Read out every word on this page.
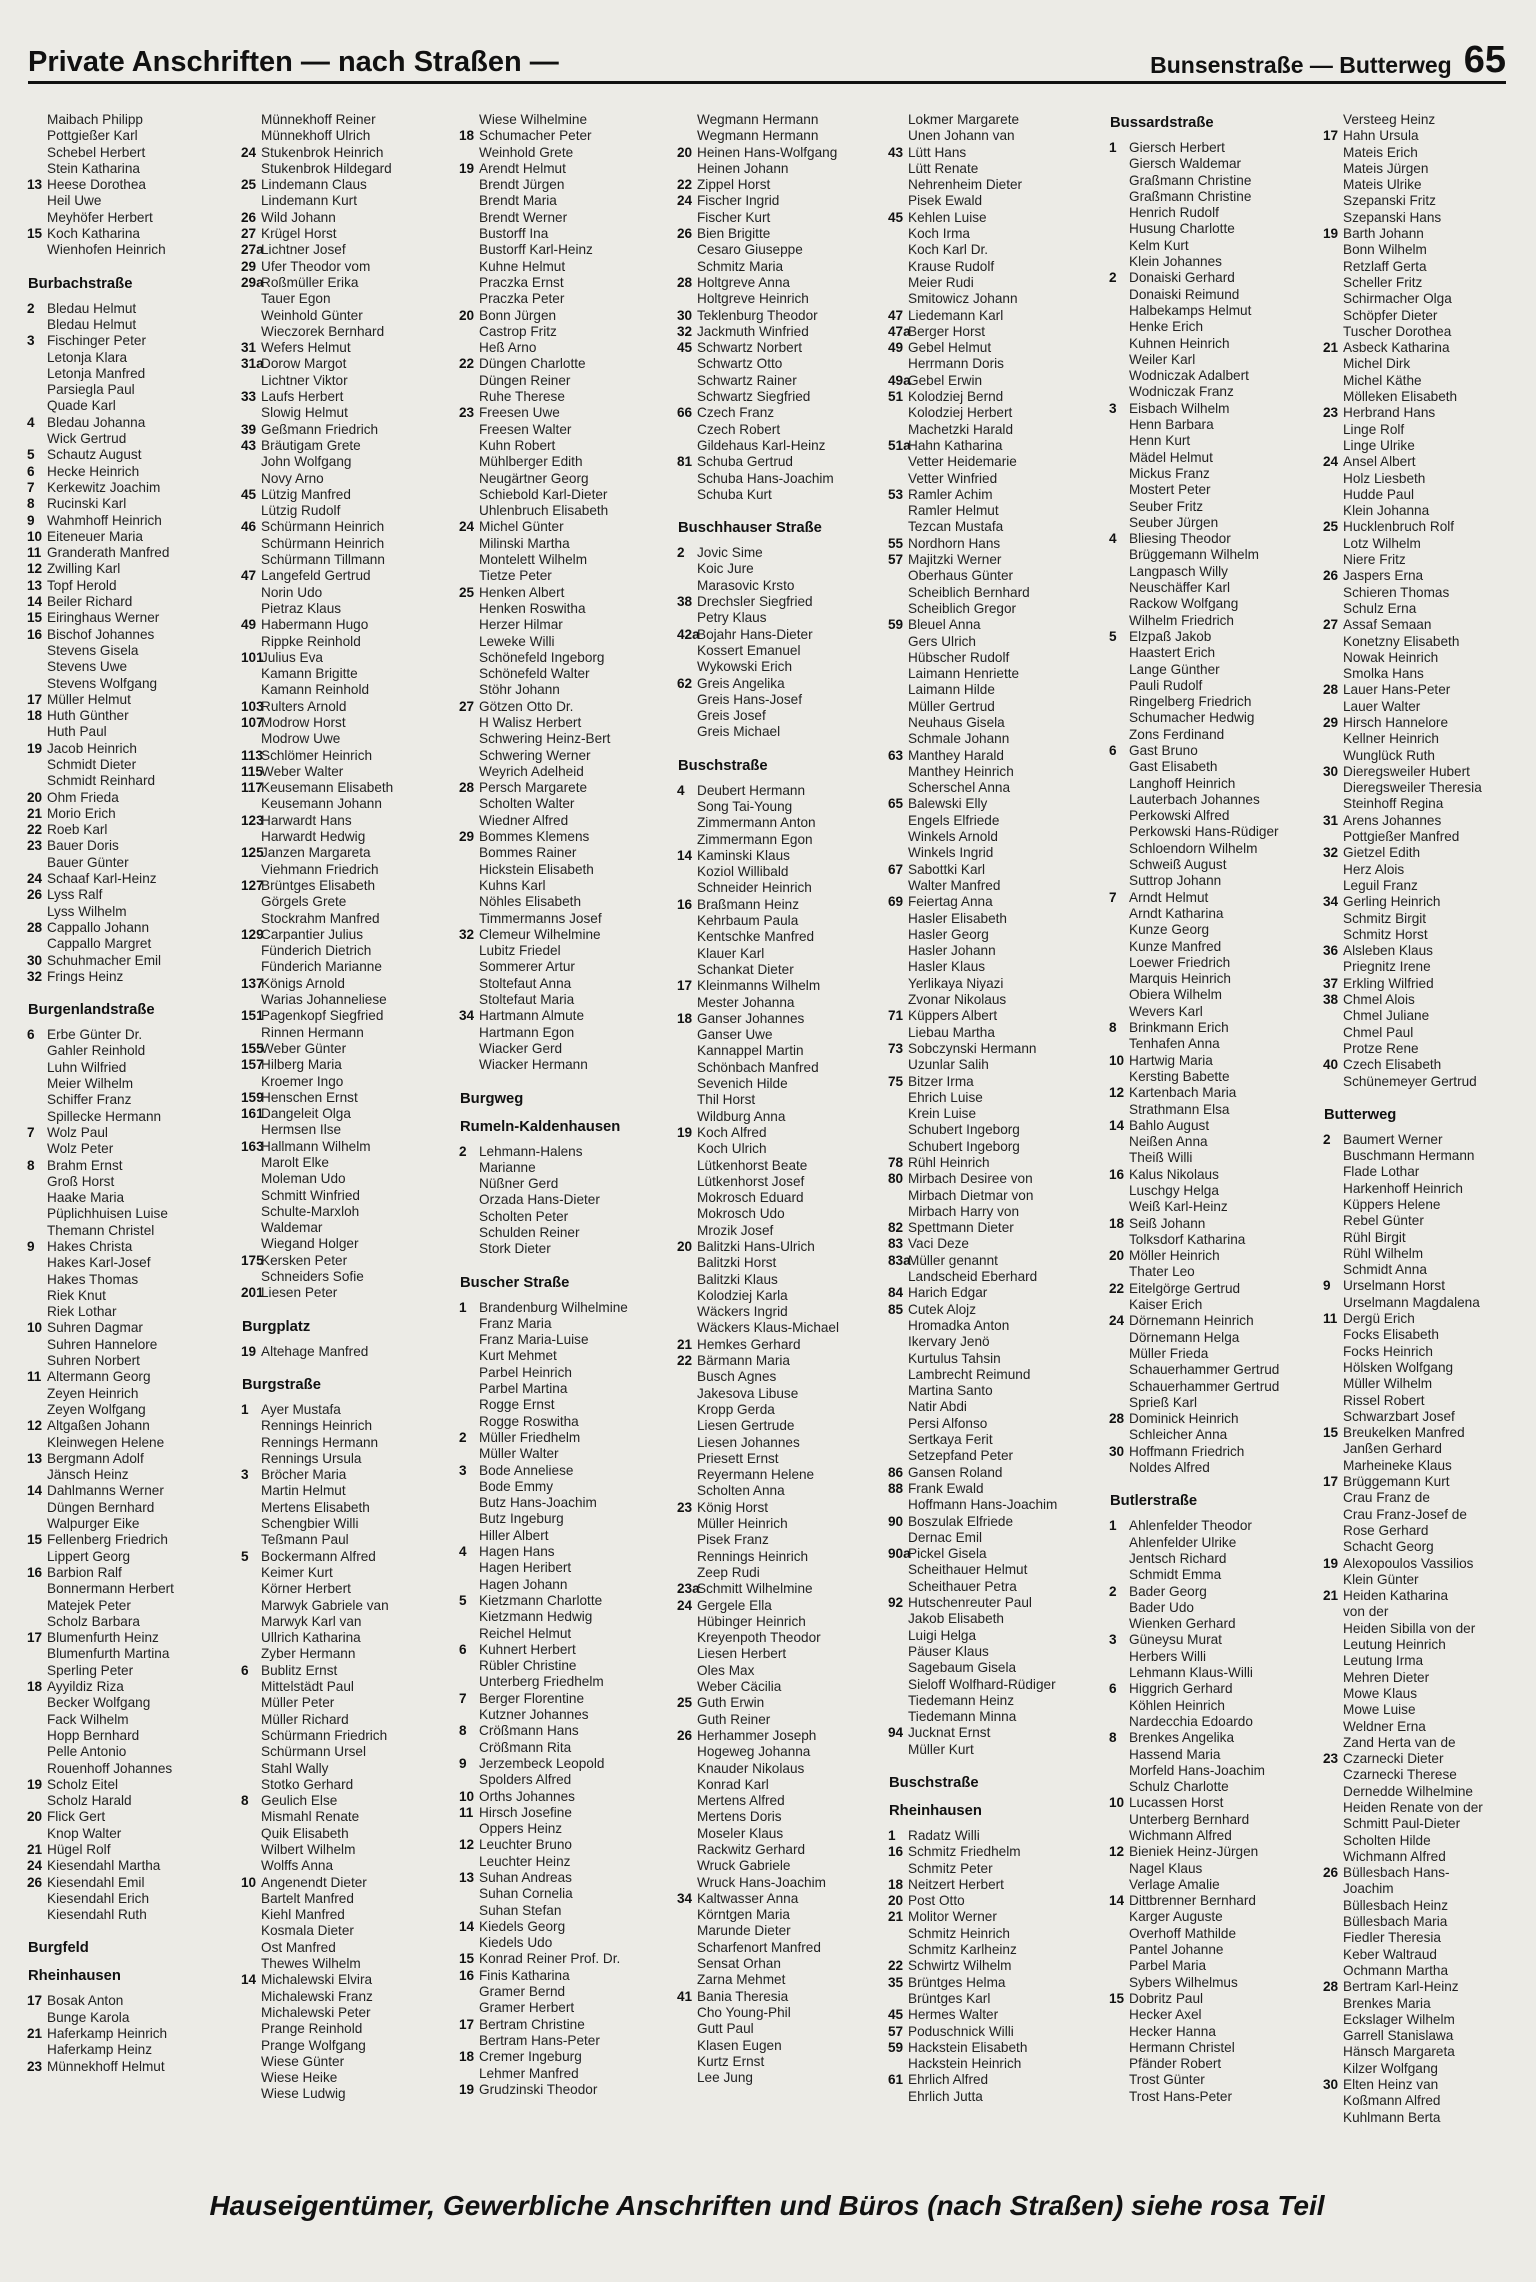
Private Anschriften — nach Straßen —	Bunsenstraße — Butterweg 65
Maibach Philipp
Pottgießer Karl
Schebel Herbert
Stein Katharina
13 Heese Dorothea
Heil Uwe
Meyhöfer Herbert
15 Koch Katharina
Wienhofen Heinrich
Burbachstraße
2 Bledau Helmut
Bledau Helmut
3 Fischinger Peter
Letonja Klara
Letonja Manfred
Parsiegla Paul
Quade Karl
4 Bledau Johanna
Wick Gertrud
5 Schautz August
6 Hecke Heinrich
7 Kerkewitz Joachim
8 Rucinski Karl
9 Wahmhoff Heinrich
10 Eiteneuer Maria
11 Granderath Manfred
12 Zwilling Karl
13 Topf Herold
14 Beiler Richard
15 Eiringhaus Werner
16 Bischof Johannes
Stevens Gisela
Stevens Uwe
Stevens Wolfgang
17 Müller Helmut
18 Huth Günther
Huth Paul
19 Jacob Heinrich
Schmidt Dieter
Schmidt Reinhard
20 Ohm Frieda
21 Morio Erich
22 Roeb Karl
23 Bauer Doris
Bauer Günter
24 Schaaf Karl-Heinz
26 Lyss Ralf
Lyss Wilhelm
28 Cappallo Johann
Cappallo Margret
30 Schuhmacher Emil
32 Frings Heinz
Burgenlandstraße
6 Erbe Günter Dr.
Gahler Reinhold
Luhn Wilfried
Meier Wilhelm
Schiffer Franz
Spillecke Hermann
7 Wolz Paul
Wolz Peter
8 Brahm Ernst
Groß Horst
Haake Maria
Püplichhuisen Luise
Themann Christel
9 Hakes Christa
Hakes Karl-Josef
Hakes Thomas
Riek Knut
Riek Lothar
10 Suhren Dagmar
Suhren Hannelore
Suhren Norbert
11 Altermann Georg
Zeyen Heinrich
Zeyen Wolfgang
12 Altgaßen Johann
Kleinwegen Helene
13 Bergmann Adolf
Jänsch Heinz
14 Dahlmanns Werner
Düngen Bernhard
Walpurger Eike
15 Fellenberg Friedrich
Lippert Georg
16 Barbion Ralf
Bonnermann Herbert
Matejek Peter
Scholz Barbara
17 Blumenfurth Heinz
Blumenfurth Martina
Sperling Peter
18 Ayyildiz Riza
Becker Wolfgang
Fack Wilhelm
Hopp Bernhard
Pelle Antonio
Rouenhoff Johannes
19 Scholz Eitel
Scholz Harald
20 Flick Gert
Knop Walter
21 Hügel Rolf
24 Kiesendahl Martha
26 Kiesendahl Emil
Kiesendahl Erich
Kiesendahl Ruth
Burgfeld
Rheinhausen
17 Bosak Anton
Bunge Karola
21 Haferkamp Heinrich
Haferkamp Heinz
23 Münnekhoff Helmut
Münnekhoff Reiner
Münnekhoff Ulrich
24 Stukenbrok Heinrich
Stukenbrok Hildegard
25 Lindemann Claus
Lindemann Kurt
26 Wild Johann
27 Krügel Horst
27aLichtner Josef
29 Ufer Theodor vom
29aRoßmüller Erika
Tauer Egon
Weinhold Günter
Wieczorek Bernhard
31 Wefers Helmut
31aDorow Margot
Lichtner Viktor
33 Laufs Herbert
Slowig Helmut
39 Geßmann Friedrich
43 Bräutigam Grete
John Wolfgang
Novy Arno
45 Lützig Manfred
Lützig Rudolf
46 Schürmann Heinrich
Schürmann Heinrich
Schürmann Tillmann
47 Langefeld Gertrud
Norin Udo
Pietraz Klaus
49 Habermann Hugo
Rippke Reinhold
101Julius Eva
Kamann Brigitte
Kamann Reinhold
103Rulters Arnold
107Modrow Horst
Modrow Uwe
113Schlömer Heinrich
115Weber Walter
117Keusemann Elisabeth
Keusemann Johann
123Harwardt Hans
Harwardt Hedwig
125Janzen Margareta
Viehmann Friedrich
127Brüntges Elisabeth
Görgels Grete
Stockrahm Manfred
129Carpantier Julius
Fünderich Dietrich
Fünderich Marianne
137Königs Arnold
Warias Johanneliese
151Pagenkopf Siegfried
Rinnen Hermann
155Weber Günter
157Hilberg Maria
Kroemer Ingo
159Henschen Ernst
161Dangeleit Olga
Hermsen Ilse
163Hallmann Wilhelm
Marolt Elke
Moleman Udo
Schmitt Winfried
Schulte-Marxloh
Waldemar
Wiegand Holger
175Kersken Peter
Schneiders Sofie
201Liesen Peter
Burgplatz
19 Altehage Manfred
Burgstraße
1 Ayer Mustafa
Rennings Heinrich
Rennings Hermann
Rennings Ursula
3 Bröcher Maria
Martin Helmut
Mertens Elisabeth
Schengbier Willi
Teßmann Paul
5 Bockermann Alfred
Keimer Kurt
Körner Herbert
Marwyk Gabriele van
Marwyk Karl van
Ullrich Katharina
Zyber Hermann
6 Bublitz Ernst
Mittelstädt Paul
Müller Peter
Müller Richard
Schürmann Friedrich
Schürmann Ursel
Stahl Wally
Stotko Gerhard
8 Geulich Else
Mismahl Renate
Quik Elisabeth
Wilbert Wilhelm
Wolffs Anna
10 Angenendt Dieter
Bartelt Manfred
Kiehl Manfred
Kosmala Dieter
Ost Manfred
Thewes Wilhelm
14 Michalewski Elvira
Michalewski Franz
Michalewski Peter
Prange Reinhold
Prange Wolfgang
Wiese Günter
Wiese Heike
Wiese Ludwig
Wiese Wilhelmine
18 Schumacher Peter
Weinhold Grete
19 Arendt Helmut
Brendt Jürgen
Brendt Maria
Brendt Werner
Bustorff Ina
Bustorff Karl-Heinz
Kuhne Helmut
Praczka Ernst
Praczka Peter
20 Bonn Jürgen
Castrop Fritz
Heß Arno
22 Düngen Charlotte
Düngen Reiner
Ruhe Therese
23 Freesen Uwe
Freesen Walter
Kuhn Robert
Mühlberger Edith
Neugärtner Georg
Schiebold Karl-Dieter
Uhlenbruch Elisabeth
24 Michel Günter
Milinski Martha
Montelett Wilhelm
Tietze Peter
25 Henken Albert
Henken Roswitha
Herzer Hilmar
Leweke Willi
Schönefeld Ingeborg
Schönefeld Walter
Stöhr Johann
27 Götzen Otto Dr.
H Walisz Herbert
Schwering Heinz-Bert
Schwering Werner
Weyrich Adelheid
28 Persch Margarete
Scholten Walter
Wiedner Alfred
29 Bommes Klemens
Bommes Rainer
Hickstein Elisabeth
Kuhns Karl
Nöhles Elisabeth
Timmermanns Josef
32 Clemeur Wilhelmine
Lubitz Friedel
Sommerer Artur
Stoltefaut Anna
Stoltefaut Maria
34 Hartmann Almute
Hartmann Egon
Wiacker Gerd
Wiacker Hermann
Burgweg
Rumeln-Kaldenhausen
2 Lehmann-Halens
Marianne
Nüßner Gerd
Orzada Hans-Dieter
Scholten Peter
Schulden Reiner
Stork Dieter
Buscher Straße
1 Brandenburg Wilhelmine
Franz Maria
Franz Maria-Luise
Kurt Mehmet
Parbel Heinrich
Parbel Martina
Rogge Ernst
Rogge Roswitha
2 Müller Friedhelm
Müller Walter
3 Bode Anneliese
Bode Emmy
Butz Hans-Joachim
Butz Ingeburg
Hiller Albert
4 Hagen Hans
Hagen Heribert
Hagen Johann
5 Kietzmann Charlotte
Kietzmann Hedwig
Reichel Helmut
6 Kuhnert Herbert
Rübler Christine
Unterberg Friedhelm
7 Berger Florentine
Kutzner Johannes
8 Crößmann Hans
Crößmann Rita
9 Jerzembeck Leopold
Spolders Alfred
10 Orths Johannes
11 Hirsch Josefine
Oppers Heinz
12 Leuchter Bruno
Leuchter Heinz
13 Suhan Andreas
Suhan Cornelia
Suhan Stefan
14 Kiedels Georg
Kiedels Udo
15 Konrad Reiner Prof. Dr.
16 Finis Katharina
Gramer Bernd
Gramer Herbert
17 Bertram Christine
Bertram Hans-Peter
18 Cremer Ingeburg
Lehmer Manfred
19 Grudzinski Theodor
Wegmann Hermann
Wegmann Hermann
20 Heinen Hans-Wolfgang
Heinen Johann
22 Zippel Horst
24 Fischer Ingrid
Fischer Kurt
26 Bien Brigitte
Cesaro Giuseppe
Schmitz Maria
28 Holtgreve Anna
Holtgreve Heinrich
30 Teklenburg Theodor
32 Jackmuth Winfried
45 Schwartz Norbert
Schwartz Otto
Schwartz Rainer
Schwartz Siegfried
66 Czech Franz
Czech Robert
Gildehaus Karl-Heinz
81 Schuba Gertrud
Schuba Hans-Joachim
Schuba Kurt
Buschhauser Straße
2 Jovic Sime
Koic Jure
Marasovic Krsto
38 Drechsler Siegfried
Petry Klaus
42aBojahr Hans-Dieter
Kossert Emanuel
Wykowski Erich
62 Greis Angelika
Greis Hans-Josef
Greis Josef
Greis Michael
Buschstraße
4 Deubert Hermann
Song Tai-Young
Zimmermann Anton
Zimmermann Egon
14 Kaminski Klaus
Koziol Willibald
Schneider Heinrich
16 Braßmann Heinz
Kehrbaum Paula
Kentschke Manfred
Klauer Karl
Schankat Dieter
17 Kleinmanns Wilhelm
Mester Johanna
18 Ganser Johannes
Ganser Uwe
Kannappel Martin
Schönbach Manfred
Sevenich Hilde
Thil Horst
Wildburg Anna
19 Koch Alfred
Koch Ulrich
Lütkenhorst Beate
Lütkenhorst Josef
Mokrosch Eduard
Mokrosch Udo
Mrozik Josef
20 Balitzki Hans-Ulrich
Balitzki Horst
Balitzki Klaus
Kolodziej Karla
Wäckers Ingrid
Wäckers Klaus-Michael
21 Hemkes Gerhard
22 Bärmann Maria
Busch Agnes
Jakesova Libuse
Kropp Gerda
Liesen Gertrude
Liesen Johannes
Priesett Ernst
Reyermann Helene
Scholten Anna
23 König Horst
Müller Heinrich
Pisek Franz
Rennings Heinrich
Zeep Rudi
23aSchmitt Wilhelmine
24 Gergele Ella
Hübinger Heinrich
Kreyenpoth Theodor
Liesen Herbert
Oles Max
Weber Cäcilia
25 Guth Erwin
Guth Reiner
26 Herhammer Joseph
Hogeweg Johanna
Knauder Nikolaus
Konrad Karl
Mertens Alfred
Mertens Doris
Moseler Klaus
Rackwitz Gerhard
Wruck Gabriele
Wruck Hans-Joachim
34 Kaltwasser Anna
Körntgen Maria
Marunde Dieter
Scharfenort Manfred
Sensat Orhan
Zarna Mehmet
41 Bania Theresia
Cho Young-Phil
Gutt Paul
Klasen Eugen
Kurtz Ernst
Lee Jung
Lokmer Margarete
Unen Johann van
43 Lütt Hans
Lütt Renate
Nehrenheim Dieter
Pisek Ewald
45 Kehlen Luise
Koch Irma
Koch Karl Dr.
Krause Rudolf
Meier Rudi
Smitowicz Johann
47 Liedemann Karl
47aBerger Horst
49 Gebel Helmut
Herrmann Doris
49aGebel Erwin
51 Kolodziej Bernd
Kolodziej Herbert
Machetzki Harald
51aHahn Katharina
Vetter Heidemarie
Vetter Winfried
53 Ramler Achim
Ramler Helmut
Tezcan Mustafa
55 Nordhorn Hans
57 Majitzki Werner
Oberhaus Günter
Scheiblich Bernhard
Scheiblich Gregor
59 Bleuel Anna
Gers Ulrich
Hübscher Rudolf
Laimann Henriette
Laimann Hilde
Müller Gertrud
Neuhaus Gisela
Schmale Johann
63 Manthey Harald
Manthey Heinrich
Scherschel Anna
65 Balewski Elly
Engels Elfriede
Winkels Arnold
Winkels Ingrid
67 Sabottki Karl
Walter Manfred
69 Feiertag Anna
Hasler Elisabeth
Hasler Georg
Hasler Johann
Hasler Klaus
Yerlikaya Niyazi
Zvonar Nikolaus
71 Küppers Albert
Liebau Martha
73 Sobczynski Hermann
Uzunlar Salih
75 Bitzer Irma
Ehrich Luise
Krein Luise
Schubert Ingeborg
Schubert Ingeborg
78 Rühl Heinrich
80 Mirbach Desiree von
Mirbach Dietmar von
Mirbach Harry von
82 Spettmann Dieter
83 Vaci Deze
83aMüller genannt
Landscheid Eberhard
84 Harich Edgar
85 Cutek Alojz
Hromadka Anton
Ikervary Jenö
Kurtulus Tahsin
Lambrecht Reimund
Martina Santo
Natir Abdi
Persi Alfonso
Sertkaya Ferit
Setzepfand Peter
86 Gansen Roland
88 Frank Ewald
Hoffmann Hans-Joachim
90 Boszulak Elfriede
Dernac Emil
90aPickel Gisela
Scheithauer Helmut
Scheithauer Petra
92 Hutschenreuter Paul
Jakob Elisabeth
Luigi Helga
Päuser Klaus
Sagebaum Gisela
Sieloff Wolfhard-Rüdiger
Tiedemann Heinz
Tiedemann Minna
94 Jucknat Ernst
Müller Kurt
Buschstraße
Rheinhausen
1 Radatz Willi
16 Schmitz Friedhelm
Schmitz Peter
18 Neitzert Herbert
20 Post Otto
21 Molitor Werner
Schmitz Heinrich
Schmitz Karlheinz
22 Schwirtz Wilhelm
35 Brüntges Helma
Brüntges Karl
45 Hermes Walter
57 Poduschnick Willi
59 Hackstein Elisabeth
Hackstein Heinrich
61 Ehrlich Alfred
Ehrlich Jutta
Bussardstraße
1 Giersch Herbert
Giersch Waldemar
Graßmann Christine
Graßmann Christine
Henrich Rudolf
Husung Charlotte
Kelm Kurt
Klein Johannes
2 Donaiski Gerhard
Donaiski Reimund
Halbekamps Helmut
Henke Erich
Kuhnen Heinrich
Weiler Karl
Wodniczak Adalbert
Wodniczak Franz
3 Eisbach Wilhelm
Henn Barbara
Henn Kurt
Mädel Helmut
Mickus Franz
Mostert Peter
Seuber Fritz
Seuber Jürgen
4 Bliesing Theodor
Brüggemann Wilhelm
Langpasch Willy
Neuschäffer Karl
Rackow Wolfgang
Wilhelm Friedrich
5 Elzpaß Jakob
Haastert Erich
Lange Günther
Pauli Rudolf
Ringelberg Friedrich
Schumacher Hedwig
Zons Ferdinand
6 Gast Bruno
Gast Elisabeth
Langhoff Heinrich
Lauterbach Johannes
Perkowski Alfred
Perkowski Hans-Rüdiger
Schloendorn Wilhelm
Schweiß August
Suttrop Johann
7 Arndt Helmut
Arndt Katharina
Kunze Georg
Kunze Manfred
Loewer Friedrich
Marquis Heinrich
Obiera Wilhelm
Wevers Karl
8 Brinkmann Erich
Tenhafen Anna
10 Hartwig Maria
Kersting Babette
12 Kartenbach Maria
Strathmann Elsa
14 Bahlo August
Neißen Anna
Theiß Willi
16 Kalus Nikolaus
Luschgy Helga
Weiß Karl-Heinz
18 Seiß Johann
Tolksdorf Katharina
20 Möller Heinrich
Thater Leo
22 Eitelgörge Gertrud
Kaiser Erich
24 Dörnemann Heinrich
Dörnemann Helga
Müller Frieda
Schauerhammer Gertrud
Schauerhammer Gertrud
Sprieß Karl
28 Dominick Heinrich
Schleicher Anna
30 Hoffmann Friedrich
Noldes Alfred
Butlerstraße
1 Ahlenfelder Theodor
Ahlenfelder Ulrike
Jentsch Richard
Schmidt Emma
2 Bader Georg
Bader Udo
Wienken Gerhard
3 Güneysu Murat
Herbers Willi
Lehmann Klaus-Willi
6 Higgrich Gerhard
Köhlen Heinrich
Nardecchia Edoardo
8 Brenkes Angelika
Hassend Maria
Morfeld Hans-Joachim
Schulz Charlotte
10 Lucassen Horst
Unterberg Bernhard
Wichmann Alfred
12 Bieniek Heinz-Jürgen
Nagel Klaus
Verlage Amalie
14 Dittbrenner Bernhard
Karger Auguste
Overhoff Mathilde
Pantel Johanne
Parbel Maria
Sybers Wilhelmus
15 Dobritz Paul
Hecker Axel
Hecker Hanna
Hermann Christel
Pfänder Robert
Trost Günter
Trost Hans-Peter
Versteeg Heinz
17 Hahn Ursula
Mateis Erich
Mateis Jürgen
Mateis Ulrike
Szepanski Fritz
Szepanski Hans
19 Barth Johann
Bonn Wilhelm
Retzlaff Gerta
Scheller Fritz
Schirmacher Olga
Schöpfer Dieter
Tuscher Dorothea
21 Asbeck Katharina
Michel Dirk
Michel Käthe
Mölleken Elisabeth
23 Herbrand Hans
Linge Rolf
Linge Ulrike
24 Ansel Albert
Holz Liesbeth
Hudde Paul
Klein Johanna
25 Hucklenbruch Rolf
Lotz Wilhelm
Niere Fritz
26 Jaspers Erna
Schieren Thomas
Schulz Erna
27 Assaf Semaan
Konetzny Elisabeth
Nowak Heinrich
Smolka Hans
28 Lauer Hans-Peter
Lauer Walter
29 Hirsch Hannelore
Kellner Heinrich
Wunglück Ruth
30 Dieregsweiler Hubert
Dieregsweiler Theresia
Steinhoff Regina
31 Arens Johannes
Pottgießer Manfred
32 Gietzel Edith
Herz Alois
Leguil Franz
34 Gerling Heinrich
Schmitz Birgit
Schmitz Horst
36 Alsleben Klaus
Priegnitz Irene
37 Erkling Wilfried
38 Chmel Alois
Chmel Juliane
Chmel Paul
Protze Rene
40 Czech Elisabeth
Schünemeyer Gertrud
Butterweg
2 Baumert Werner
Buschmann Hermann
Flade Lothar
Harkenhoff Heinrich
Küppers Helene
Rebel Günter
Rühl Birgit
Rühl Wilhelm
Schmidt Anna
9 Urselmann Horst
Urselmann Magdalena
11 Dergü Erich
Focks Elisabeth
Focks Heinrich
Hölsken Wolfgang
Müller Wilhelm
Rissel Robert
Schwarzbart Josef
15 Breukelken Manfred
Janßen Gerhard
Marheineke Klaus
17 Brüggemann Kurt
Crau Franz de
Crau Franz-Josef de
Rose Gerhard
Schacht Georg
19 Alexopoulos Vassilios
Klein Günter
21 Heiden Katharina
von der
Heiden Sibilla von der
Leutung Heinrich
Leutung Irma
Mehren Dieter
Mowe Klaus
Mowe Luise
Weldner Erna
Zand Herta van de
23 Czarnecki Dieter
Czarnecki Therese
Dernedde Wilhelmine
Heiden Renate von der
Schmitt Paul-Dieter
Scholten Hilde
Wichmann Alfred
26 Büllesbach Hans-
Joachim
Büllesbach Heinz
Büllesbach Maria
Fiedler Theresia
Keber Waltraud
Ochmann Martha
28 Bertram Karl-Heinz
Brenkes Maria
Eckslager Wilhelm
Garrell Stanislawa
Hänsch Margareta
Kilzer Wolfgang
30 Elten Heinz van
Koßmann Alfred
Kuhlmann Berta
Hauseigentümer, Gewerbliche Anschriften und Büros (nach Straßen) siehe rosa Teil
